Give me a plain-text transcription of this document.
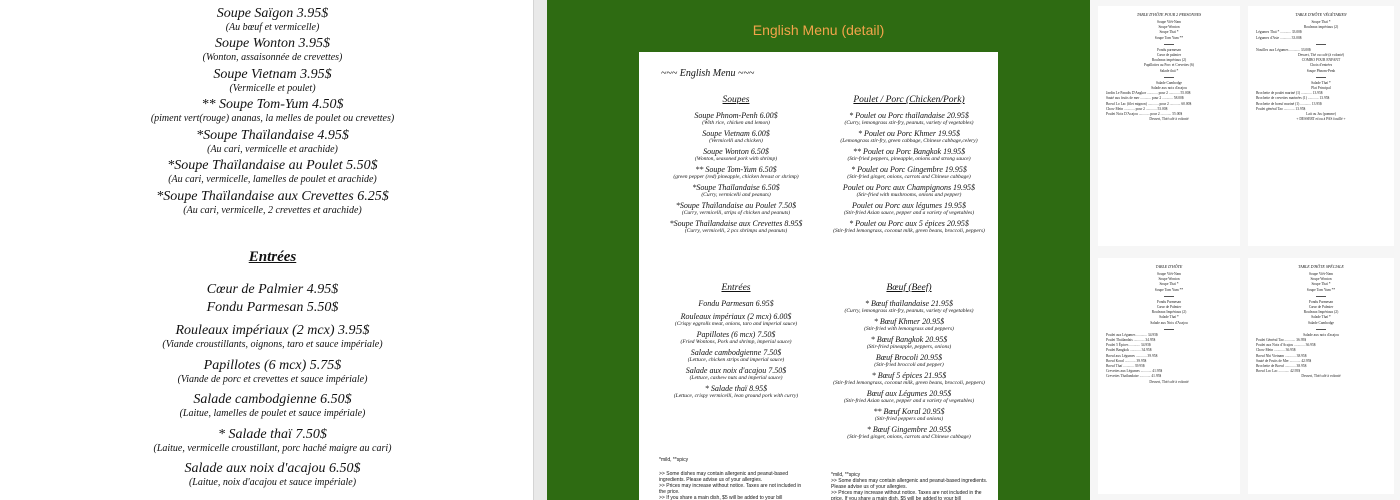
Soupe Saïgon 3.95$
(Au bœuf et vermicelle)
Soupe Wonton 3.95$
(Wonton, assaisonnée de crevettes)
Soupe Vietnam 3.95$
(Vermicelle et poulet)
** Soupe Tom-Yum 4.50$
(piment vert(rouge) ananas, la melles de poulet ou crevettes)
*Soupe Thaïlandaise 4.95$
(Au cari, vermicelle et arachide)
*Soupe Thaïlandaise au Poulet 5.50$
(Au cari, vermicelle, lamelles de poulet et arachide)
*Soupe Thaïlandaise aux Crevettes 6.25$
(Au cari, vermicelle, 2 crevettes et arachide)
Entrées
Cœur de Palmier 4.95$
Fondu Parmesan 5.50$
Rouleaux impériaux (2 mcx) 3.95$
(Viande croustillants, oignons, taro et sauce impériale)
Papillotes (6 mcx) 5.75$
(Viande de porc et crevettes et sauce impériale)
Salade cambodgienne 6.50$
(Laitue, lamelles de poulet et sauce impériale)
* Salade thaï 7.50$
(Laitue, vermicelle croustillant, porc haché maigre au cari)
Salade aux noix d'acajou 6.50$
(Laitue, noix d'acajou et sauce impériale)
English Menu (detail)
~~~ English Menu ~~~
Soupes
Soupe Phnom-Penh 6.00$
(With rice, chicken and lemon)
Soupe Vietnam 6.00$
(Vermicelli and chicken)
Soupe Wonton 6.50$
(Wonton, seasoned pork with shrimp)
** Soupe Tom-Yum 6.50$
(green pepper (red) pineapple, chicken breast or shrimp)
*Soupe Thaïlandaise 6.50$
(Curry, vermicelli and peanuts)
*Soupe Thaïlandaise au Poulet 7.50$
(Curry, vermicelli, strips of chicken and peanuts)
*Soupe Thaïlandaise aux Crevettes 8.95$
(Curry, vermicelli, 2 pcs shrimps and peanuts)
Poulet / Porc (Chicken/Pork)
* Poulet ou Porc thaïlandaise 20.95$
(Curry, lemongrass stir-fry, peanuts, variety of vegetables)
* Poulet ou Porc Khmer 19.95$
(Lemongrass stir-fry, green cabbage, Chinese cabbage,celery)
** Poulet ou Porc Bangkok 19.95$
(Stir-fried peppers, pineapple, onions and strong sauce)
* Poulet ou Porc Gingembre 19.95$
(Stir-fried ginger, onions, carrots and Chinese cabbage)
Poulet ou Porc aux Champignons 19.95$
(Stir-fried with mushrooms, onions and pepper)
Poulet ou Porc aux légumes 19.95$
(Stir-fried Asian sauce, pepper and a variety of vegetables)
* Poulet ou Porc aux 5 épices 20.95$
(Stir-fried lemongrass, coconut milk, green beans, broccoli, peppers)
Entrées
Fondu Parmesan 6.95$
Rouleaux impériaux (2 mcx) 6.00$
(Crispy eggrolls meat, onions, taro and imperial sauce)
Papillotes (6 mcx) 7.50$
(Fried Wontons, Pork and shrimp, imperial sauce)
Salade cambodgienne 7.50$
(Lettuce, chicken strips and imperial sauce)
Salade aux noix d'acajou 7.50$
(Lettuce, cashew nuts and imperial sauce)
* Salade thaï 8.95$
(Lettuce, crispy vermicelli, lean ground pork with curry)
Bœuf (Beef)
* Bœuf thaïlandaise 21.95$
(Curry, lemongrass stir-fry, peanuts, variety of vegetables)
* Bœuf Khmer 20.95$
(Stir-fried with lemongrass and peppers)
* Bœuf Bangkok 20.95$
(Stir-fried pineapple, peppers, onions)
Bœuf Brocoli 20.95$
(Stir-fried broccoli and pepper)
* Bœuf 5 épices 21.95$
(Stir-fried lemongrass, coconut milk, green beans, broccoli, peppers)
Bœuf aux Légumes 20.95$
(Stir-fried Asian sauce, pepper and a variety of vegetables)
** Bœuf Koral 20.95$
(Stir-fried peppers and onions)
* Bœuf Gingembre 20.95$
(Stir-fried ginger, onions, carrots and Chinese cabbage)
*mild, **spicy
>> Some dishes may contain allergenic and peanut-based ingredients. Please advise us of your allergies.
>> Prices may increase without notice. Taxes are not included in the price.
>> If you share a main dish, $5 will be added to your bill
*mild, **spicy
>> Some dishes may contain allergenic and peanut-based ingredients. Please advise us of your allergies.
>> Prices may increase without notice. Taxes are not included in the price. If you share a main dish, $5 will be added to your bill
TABLE D'HÔTE POUR 2 PERSONNES
Soupe Viêt-Nam
Soupe Wonton
Soupe Thaï *
Soupe Tom Yum **
Fondu parmesan
Cœur de palmier
Rouleaux impériaux (2)
Papillottes au Porc et Crevettes (6)
Salade thaï *
Salade Cambodge
Salade aux noix d'acajou
Jardin Le Paradis D'Angkor ............ pour 2 ............ 55.00$
Sauté aux fruits de mer ............ pour 2 ............ 58.00$
Boeuf Lo Lac (filet mignon) ............ pour 2 ............ 60.00$
Chow Mein ............ pour 2 ............ 53.00$
Poulet Noix D'Acajou ............ pour 2 ............ 55.00$
Dessert, Thé/café à volonté
TABLE D'HÔTE VÉGÉTARIEN
Soupe Thaï *
Rouleaux impériaux (2)
Légumes Thaï * ............ 33.00$
Légumes d'Asie ............ 33.00$
Nouilles aux Légumes ............ 33.00$
Dessert, Thé ou café (à volonté)
COMBO POUR ENFANT
Choix d'entrées
Soupe Phnom-Penh
Salade Thaï *
Plat Principal
Brochette de poulet mariné (1) ............ 13.95$
Brochette de crevettes marinées (1) ............ 13.95$
Brochette de boeuf mariné (1) ............ 13.95$
Poulet général Tao ............ 13.95$
Lait ou Jus (pomme)
+ DESSERT et/ou à PAS fouillé +
TABLE D'HÔTE
Soupe Viêt-Nam
Soupe Wonton
Soupe Thaï *
Soupe Tom Yum **
Fondu Parmesan
Cœur de Palmier
Rouleaux Impériaux (2)
Salade Thaï *
Salade aux Noix d'Acajou
Poulet aux Légumes ............ 34.95$
Poulet Thaïlandais ............ 34.95$
Poulet 5 Épices ............ 34.95$
Poulet Bangkok ............ 34.95$
Boeuf aux Légumes ............ 39.95$
Boeuf Koral ............ 39.95$
Boeuf Thaï ............ 39.95$
Crevettes aux Légumes ............ 41.95$
Crevettes Thaïlandaise ............ 41.95$
Dessert, Thé/café à volonté
TABLE D'HÔTE SPÉCIALE
Soupe Viêt-Nam
Soupe Wonton
Soupe Thaï *
Soupe Tom Yum **
Fondu Parmesan
Cœur de Palmier
Rouleaux Impériaux (2)
Salade Thaï *
Salade Cambodge
Salade aux noix d'acajou
Poulet Général Tao ............ 36.95$
Poulet aux Noix d'Acajou ............ 36.95$
Chow Mein ............ 36.95$
Boeuf Nhi Vietnam ............ 38.95$
Sauté de Fruits de Mer ............ 42.95$
Brochette de Boeuf ............ 38.95$
Boeuf Loc Lac ............ 42.95$
Dessert, Thé/café à volonté
